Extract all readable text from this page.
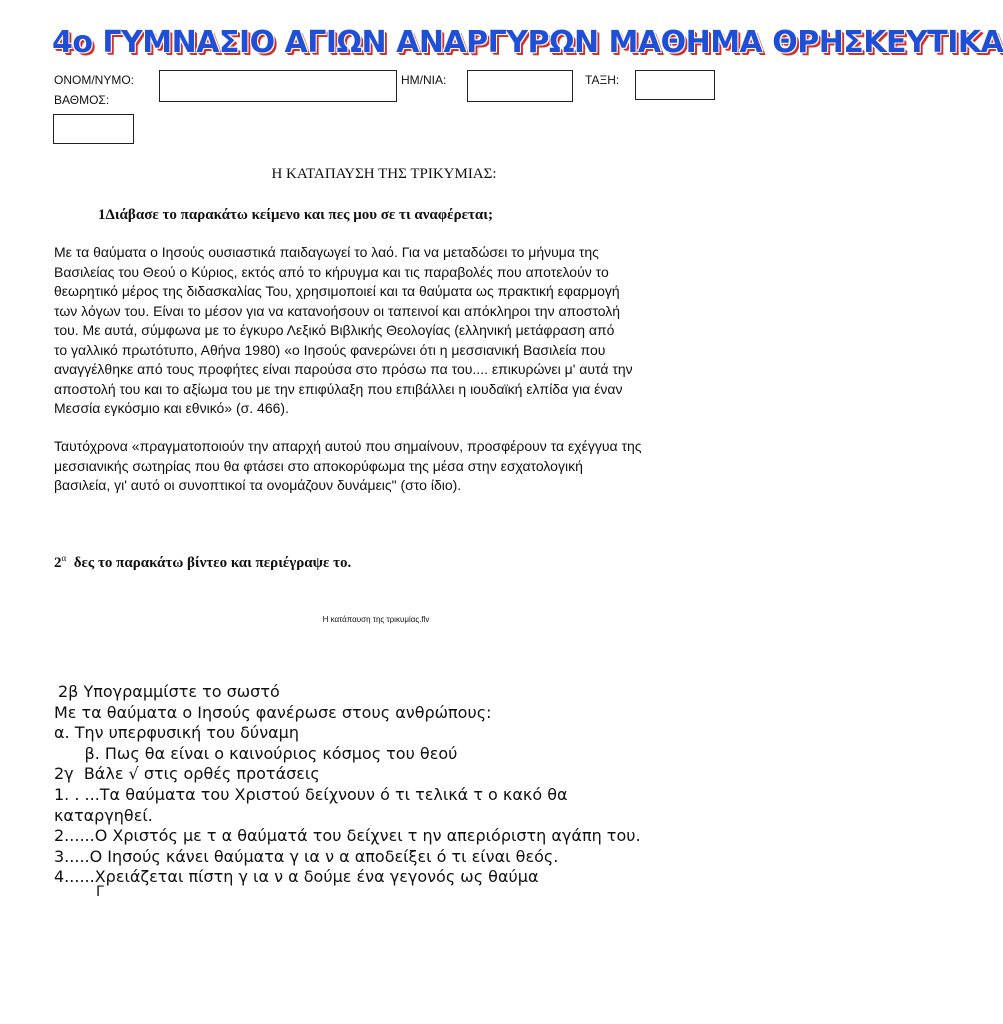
4ο ΓΥΜΝΑΣΙΟ ΑΓΙΩΝ ΑΝΑΡΓΥΡΩΝ ΜΑΘΗΜΑ ΘΡΗΣΚΕΥΤΙΚΑ
ΟΝΟΜ/ΝΥΜΟ:	ΗΜ/ΝΙΑ:	ΤΑΞΗ:
ΒΑΘΜΟΣ:
Η ΚΑΤΑΠΑΥΣΗ ΤΗΣ ΤΡΙΚΥΜΙΑΣ:
1Διάβασε το παρακάτω κείμενο και πες μου σε τι αναφέρεται;

Με τα θαύματα ο Ιησούς ουσιαστικά παιδαγωγεί το λαό. Για να μεταδώσει το μήνυμα της

Βασιλείας του Θεού ο Κύριος, εκτός από το κήρυγμα και τις παραβολές που αποτελούν το

θεωρητικό μέρος της διδασκαλίας Του, χρησιμοποιεί και τα θαύματα ως πρακτική εφαρμογή

των λόγων του. Είναι το μέσον για να κατανοήσουν οι ταπεινοί και απόκληροι την αποστολή

του. Με αυτά, σύμφωνα με το έγκυρο Λεξικό Βιβλικής Θεολογίας (ελληνική μετάφραση από

το γαλλικό πρωτότυπο, Αθήνα 1980) «ο Ιησούς φανερώνει ότι η μεσσιανική Βασιλεία που

αναγγέλθηκε από τους προφήτες είναι παρούσα στο πρόσω πα του.... επικυρώνει μ' αυτά την

αποστολή του και το αξίωμα του με την επιφύλαξη που επιβάλλει η ιουδαϊκή ελπίδα για έναν

Μεσσία εγκόσμιο και εθνικό» (σ. 466).

Ταυτόχρονα «πραγματοποιούν την απαρχή αυτού που σημαίνουν, προσφέρουν τα εχέγγυα της

μεσσιανικής σωτηρίας που θα φτάσει στο αποκορύφωμα της μέσα στην εσχατολογική

βασιλεία, γι' αυτό οι συνοπτικοί τα ονομάζουν δυνάμεις" (στο ίδιο).

$2^\alpha$ δες το παρακάτω βίντεο και περιέγραψε το.
Η κατάπαυση της τρικυμίας.flv
2β Υπογραμμίστε το σωστό
Με τα θαύματα ο Ιησούς φανέρωσε στους ανθρώπους:
α. Την υπερφυσική του δύναμη
β. Πως θα είναι ο καινούριος κόσμος του θεού
2γ  Βάλε √ στις ορθές προτάσεις
1. . ...Τα θαύματα του Χριστού δείχνουν ό τι τελικά τ ο κακό θα
καταργηθεί.
2......Ο Χριστός με τ α θαύματά του δείχνει τ ην απεριόριστη αγάπη του.
3.....Ο Ιησούς κάνει θαύματα γ ια ν α αποδείξει ό τι είναι θεός.
4......Χρειάζεται πίστη γ ια ν α δούμε ένα γεγονός ως θαύμα
Γ
